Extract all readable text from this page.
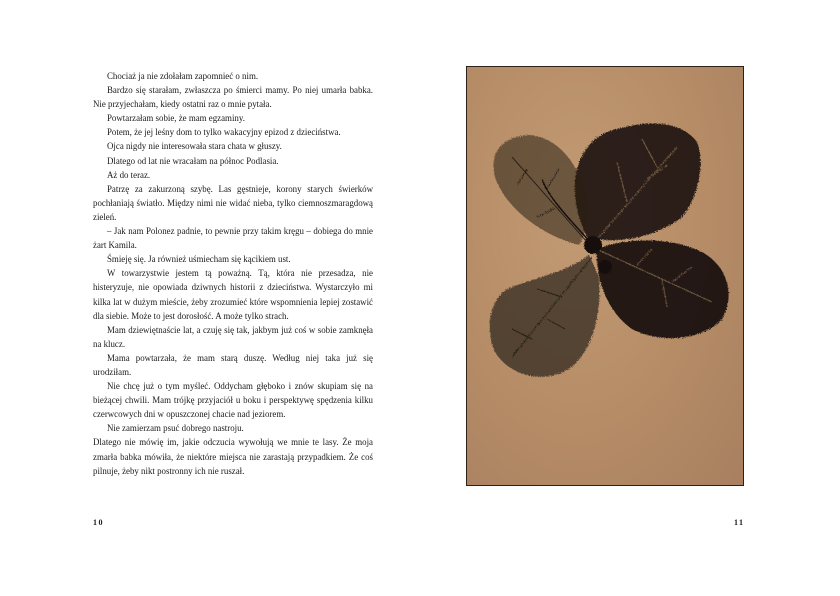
Chociaż ja nie zdołałam zapomnieć o nim.

Bardzo się starałam, zwłaszcza po śmierci mamy. Po niej umarła babka. Nie przyjechałam, kiedy ostatni raz o mnie pytała.

Powtarzałam sobie, że mam egzaminy.

Potem, że jej leśny dom to tylko wakacyjny epizod z dzieciństwa.

Ojca nigdy nie interesowała stara chata w głuszy.

Dlatego od lat nie wracałam na północ Podlasia.

Aż do teraz.

Patrzę za zakurzoną szybę. Las gęstnieje, korony starych świerków pochłaniają światło. Między nimi nie widać nieba, tylko ciemnoszmaragdową zieleń.

– Jak nam Polonez padnie, to pewnie przy takim kręgu – dobiega do mnie żart Kamila.

Śmieję się. Ja również uśmiecham się kącikiem ust.

W towarzystwie jestem tą poważną. Tą, która nie przesadza, nie histeryzuje, nie opowiada dziwnych historii z dzieciństwa. Wystarczyło mi kilka lat w dużym mieście, żeby zrozumieć które wspomnienia lepiej zostawić dla siebie. Może to jest dorosłość. A może tylko strach.

Mam dziewiętnaście lat, a czuję się tak, jakbym już coś w sobie zamknęła na klucz.

Mama powtarzała, że mam starą duszę. Według niej taka już się urodziłam.

Nie chcę już o tym myśleć. Oddycham głęboko i znów skupiam się na bieżącej chwili. Mam trójkę przyjaciół u boku i perspektywę spędzenia kilku czerwcowych dni w opuszczonej chacie nad jeziorem.

Nie zamierzam psuć dobrego nastroju.

Dlatego nie mówię im, jakie odczucia wywołują we mnie te lasy. Że moja zmarła babka mówiła, że niektóre miejsca nie zarastają przypadkiem. Że coś pilnuje, żeby nikt postronny ich nie ruszał.

10	11
